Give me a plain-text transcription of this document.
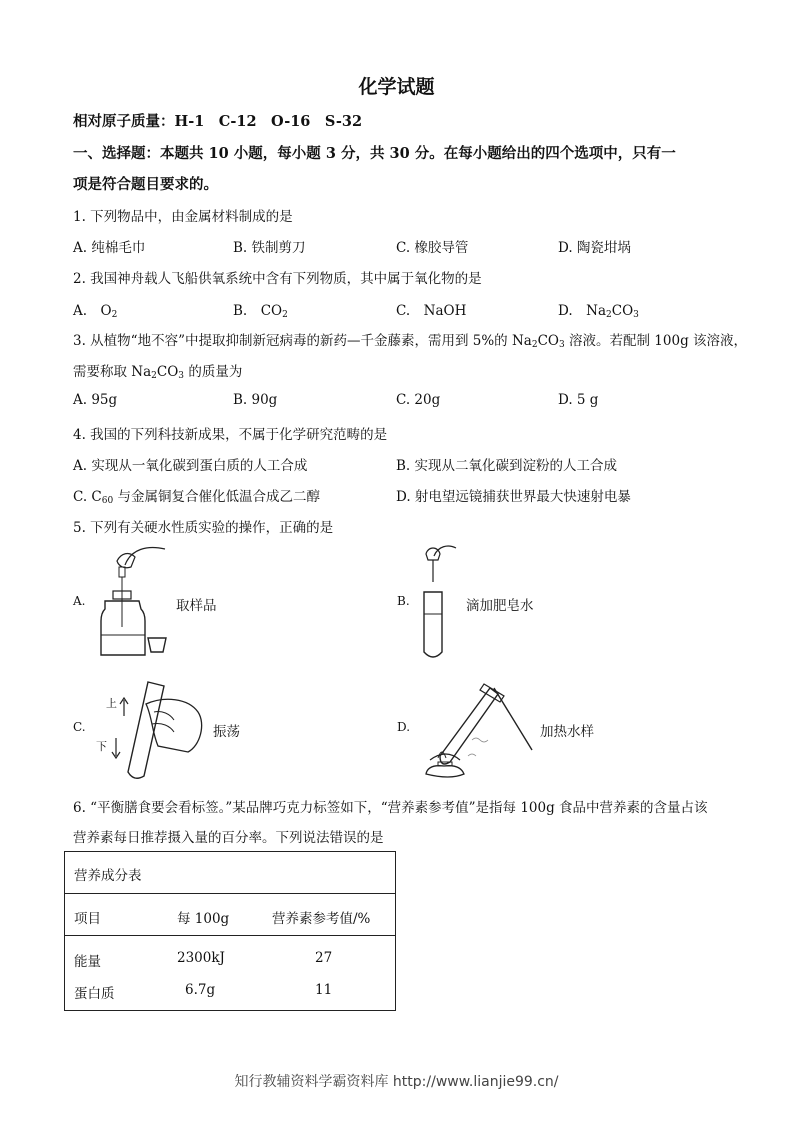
化学试题
相对原子质量：H-1　C-12　O-16　S-32
一、选择题：本题共 10 小题，每小题 3 分，共 30 分。在每小题给出的四个选项中，只有一
项是符合题目要求的。
1. 下列物品中，由金属材料制成的是
A. 纯棉毛巾	B. 铁制剪刀	C. 橡胶导管	D. 陶瓷坩埚
2. 我国神舟载人飞船供氧系统中含有下列物质，其中属于氧化物的是
A.　 $O_2$	B.　 $CO_2$	C.　 NaOH	D.　 $Na_2CO_3$
3. 从植物“地不容”中提取抑制新冠病毒的新药—千金藤素，需用到 5%的 $Na_2CO_3$ 溶液。若配制 100g 该溶液，
需要称取 $Na_2CO_3$ 的质量为
A. 95g	B. 90g	C. 20g	D. 5 g
4. 我国的下列科技新成果，不属于化学研究范畴的是
A. 实现从一氧化碳到蛋白质的人工合成	B. 实现从二氧化碳到淀粉的人工合成
C. $C_{60}$ 与金属铜复合催化低温合成乙二醇	D. 射电望远镜捕获世界最大快速射电暴
5. 下列有关硬水性质实验的操作，正确的是
A.	取样品	B.	滴加肥皂水
C.
上
下
振荡	D.	加热水样
6. “平衡膳食要会看标签。”某品牌巧克力标签如下，“营养素参考值”是指每 100g 食品中营养素的含量占该
营养素每日推荐摄入量的百分率。下列说法错误的是
营养成分表
项目	每 100g	营养素参考值/%
能量	2300kJ	27
蛋白质	6.7g	11
知行教辅资料学霸资料库 http://www.lianjie99.cn/
